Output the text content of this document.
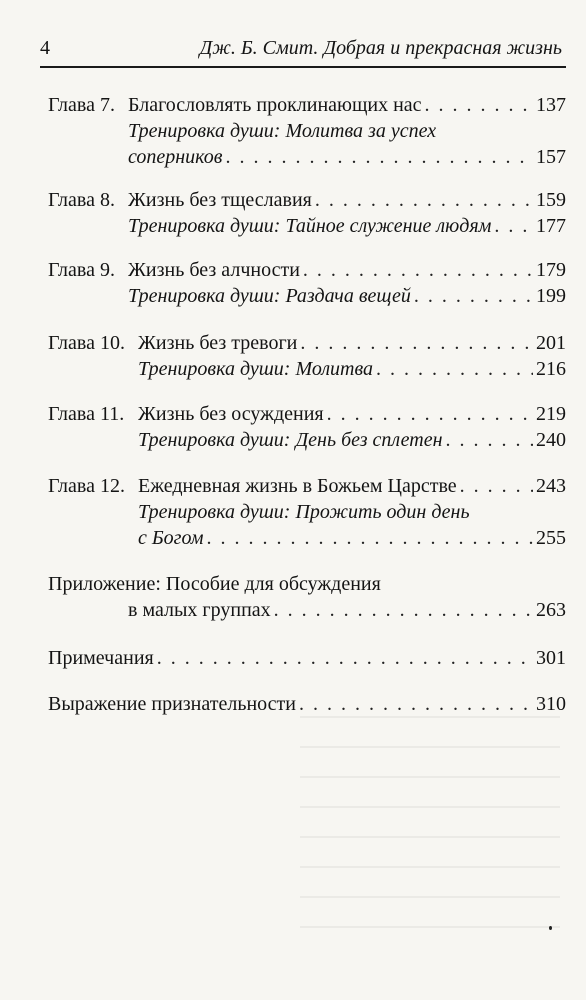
4	Дж. Б. Смит. Добрая и прекрасная жизнь
Глава 7. Благословлять проклинающих нас . . .	137
Тренировка души: Молитва за успех
соперников . . .	157
Глава 8. Жизнь без тщеславия . . .	159
Тренировка души: Тайное служение людям . . . 177
Глава 9. Жизнь без алчности . . .	179
Тренировка души: Раздача вещей . . .	199
Глава 10. Жизнь без тревоги . . .	201
Тренировка души: Молитва . . .	216
Глава 11. Жизнь без осуждения . . .	219
Тренировка души: День без сплетен . . .	240
Глава 12. Ежедневная жизнь в Божьем Царстве . . .	243
Тренировка души: Прожить один день
с Богом . . .	255
Приложение: Пособие для обсуждения
в малых группах . . .	263
Примечания . . .	301
Выражение признательности . . .	310
